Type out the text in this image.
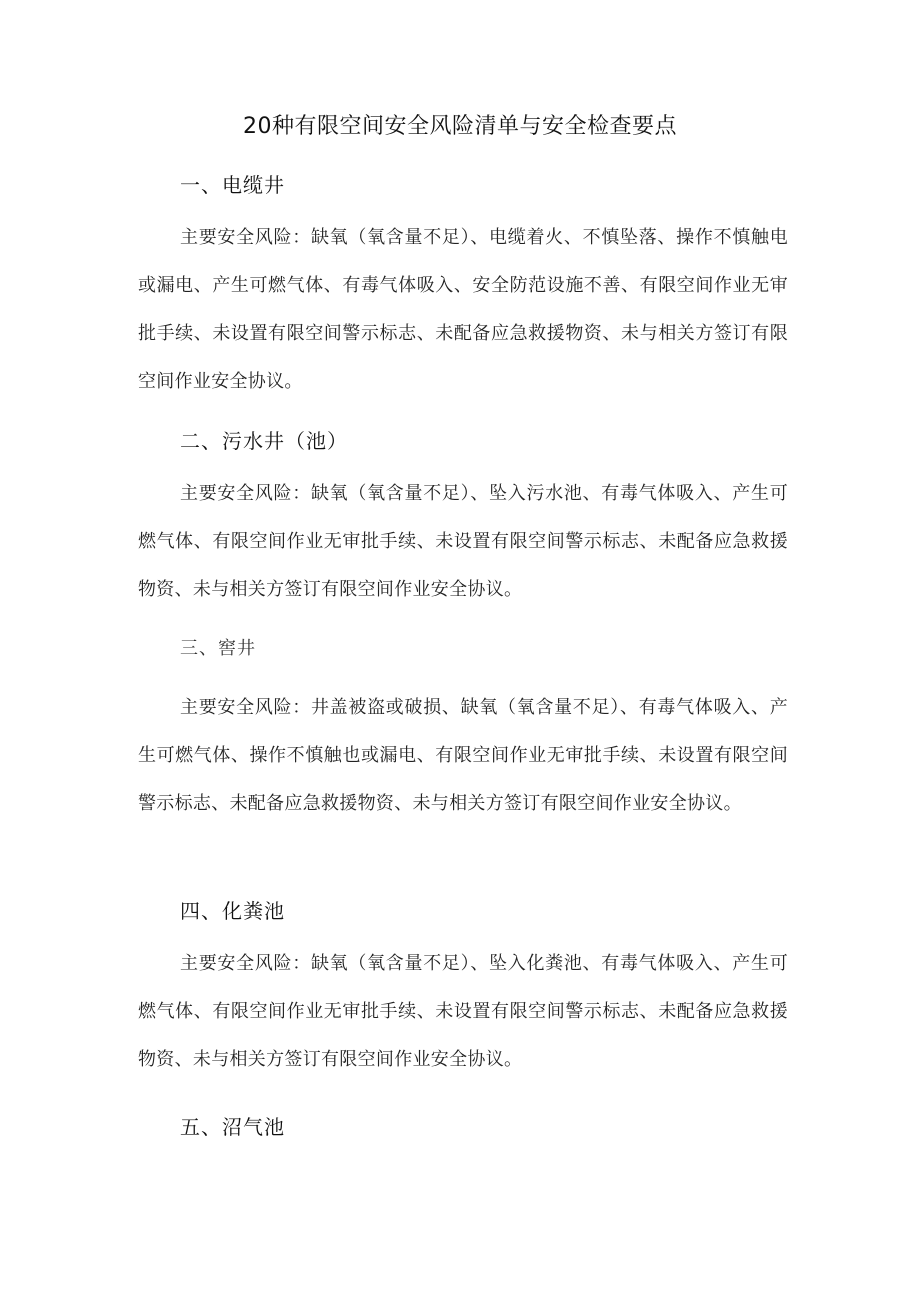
20种有限空间安全风险清单与安全检查要点
一、电缆井
主要安全风险：缺氧（氧含量不足）、电缆着火、不慎坠落、操作不慎触电或漏电、产生可燃气体、有毒气体吸入、安全防范设施不善、有限空间作业无审批手续、未设置有限空间警示标志、未配备应急救援物资、未与相关方签订有限空间作业安全协议。
二、污水井（池）
主要安全风险：缺氧（氧含量不足）、坠入污水池、有毒气体吸入、产生可燃气体、有限空间作业无审批手续、未设置有限空间警示标志、未配备应急救援物资、未与相关方签订有限空间作业安全协议。
三、窖井
主要安全风险：井盖被盗或破损、缺氧（氧含量不足）、有毒气体吸入、产生可燃气体、操作不慎触也或漏电、有限空间作业无审批手续、未设置有限空间警示标志、未配备应急救援物资、未与相关方签订有限空间作业安全协议。
四、化粪池
主要安全风险：缺氧（氧含量不足）、坠入化粪池、有毒气体吸入、产生可燃气体、有限空间作业无审批手续、未设置有限空间警示标志、未配备应急救援物资、未与相关方签订有限空间作业安全协议。
五、沼气池
